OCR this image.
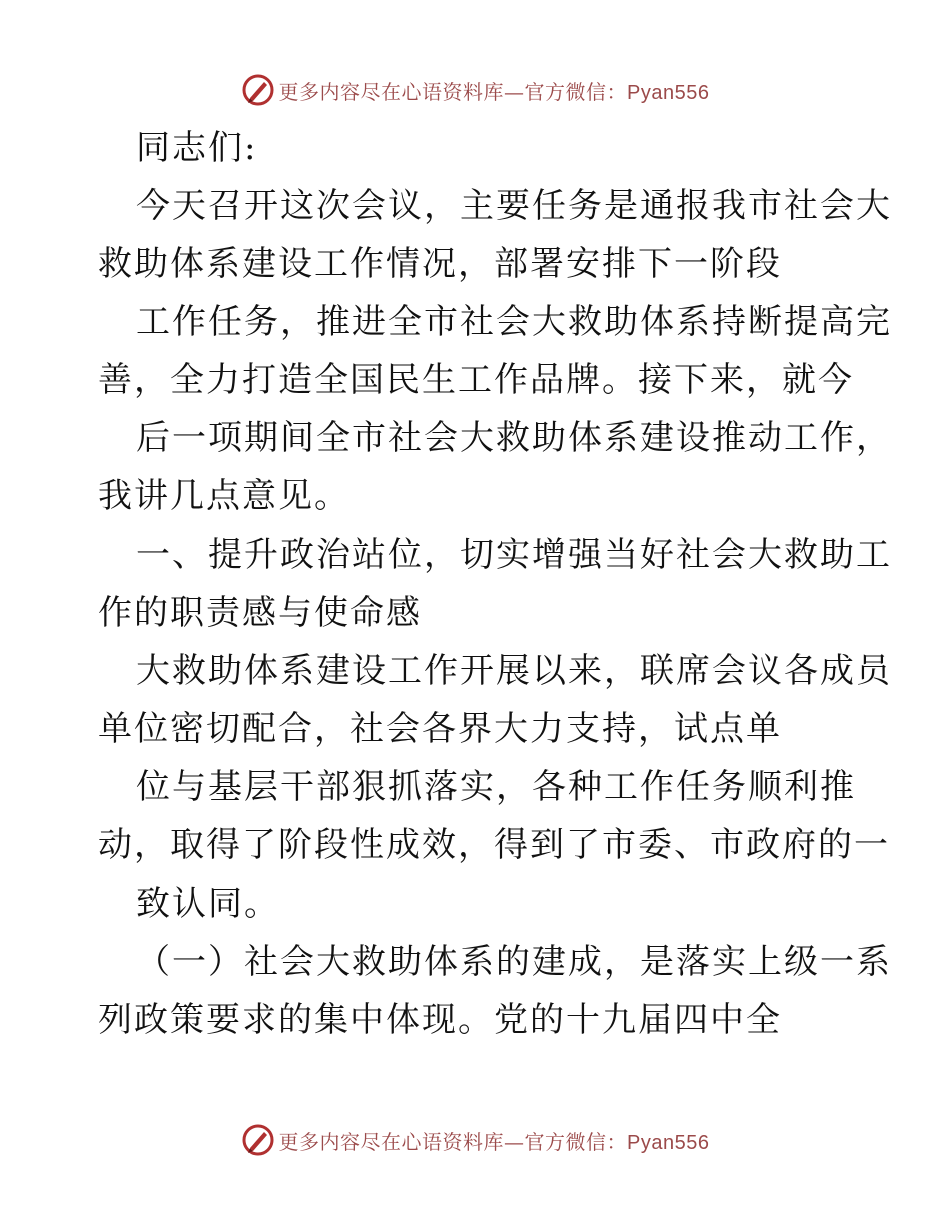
更多内容尽在心语资料库—官方微信：Pyan556
同志们:
今天召开这次会议，主要任务是通报我市社会大
救助体系建设工作情况，部署安排下一阶段
工作任务，推进全市社会大救助体系持断提高完
善，全力打造全国民生工作品牌。接下来，就今
后一项期间全市社会大救助体系建设推动工作，
我讲几点意见。
一、提升政治站位，切实增强当好社会大救助工
作的职责感与使命感
大救助体系建设工作开展以来，联席会议各成员
单位密切配合，社会各界大力支持，试点单
位与基层干部狠抓落实，各种工作任务顺利推
动，取得了阶段性成效，得到了市委、市政府的一
致认同。
（一）社会大救助体系的建成，是落实上级一系
列政策要求的集中体现。党的十九届四中全
更多内容尽在心语资料库—官方微信：Pyan556
